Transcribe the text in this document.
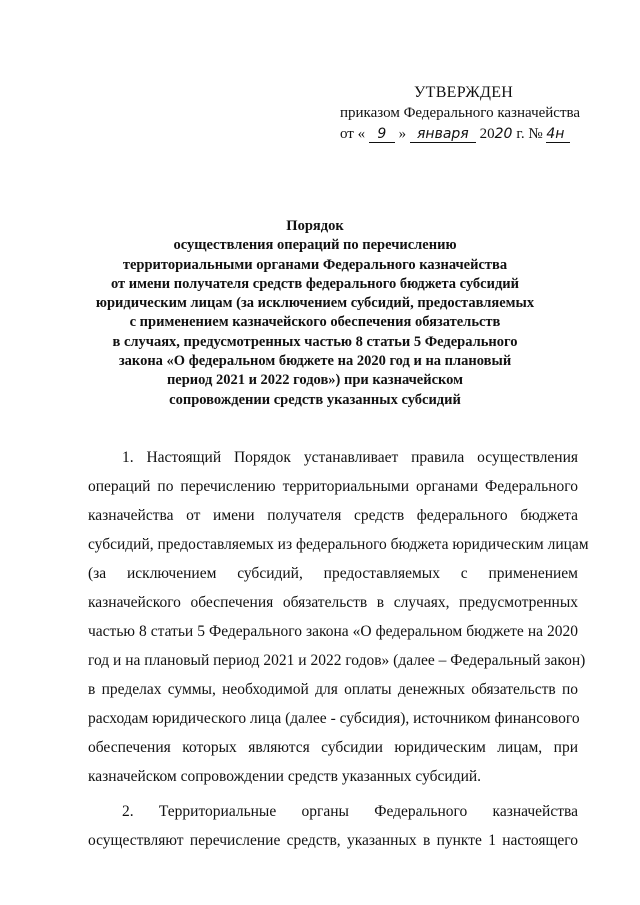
УТВЕРЖДЕН
приказом Федерального казначейства
от « 9 » января 2020 г. № 4н
Порядок
осуществления операций по перечислению
территориальными органами Федерального казначейства
от имени получателя средств федерального бюджета субсидий
юридическим лицам (за исключением субсидий, предоставляемых
с применением казначейского обеспечения обязательств
в случаях, предусмотренных частью 8 статьи 5 Федерального
закона «О федеральном бюджете на 2020 год и на плановый
период 2021 и 2022 годов») при казначейском
сопровождении средств указанных субсидий
1. Настоящий Порядок устанавливает правила осуществления
операций по перечислению территориальными органами Федерального
казначейства от имени получателя средств федерального бюджета
субсидий, предоставляемых из федерального бюджета юридическим лицам
(за исключением субсидий, предоставляемых с применением
казначейского обеспечения обязательств в случаях, предусмотренных
частью 8 статьи 5 Федерального закона «О федеральном бюджете на 2020
год и на плановый период 2021 и 2022 годов» (далее – Федеральный закон)
в пределах суммы, необходимой для оплаты денежных обязательств по
расходам юридического лица (далее - субсидия), источником финансового
обеспечения которых являются субсидии юридическим лицам, при
казначейском сопровождении средств указанных субсидий.
2. Территориальные органы Федерального казначейства
осуществляют перечисление средств, указанных в пункте 1 настоящего
